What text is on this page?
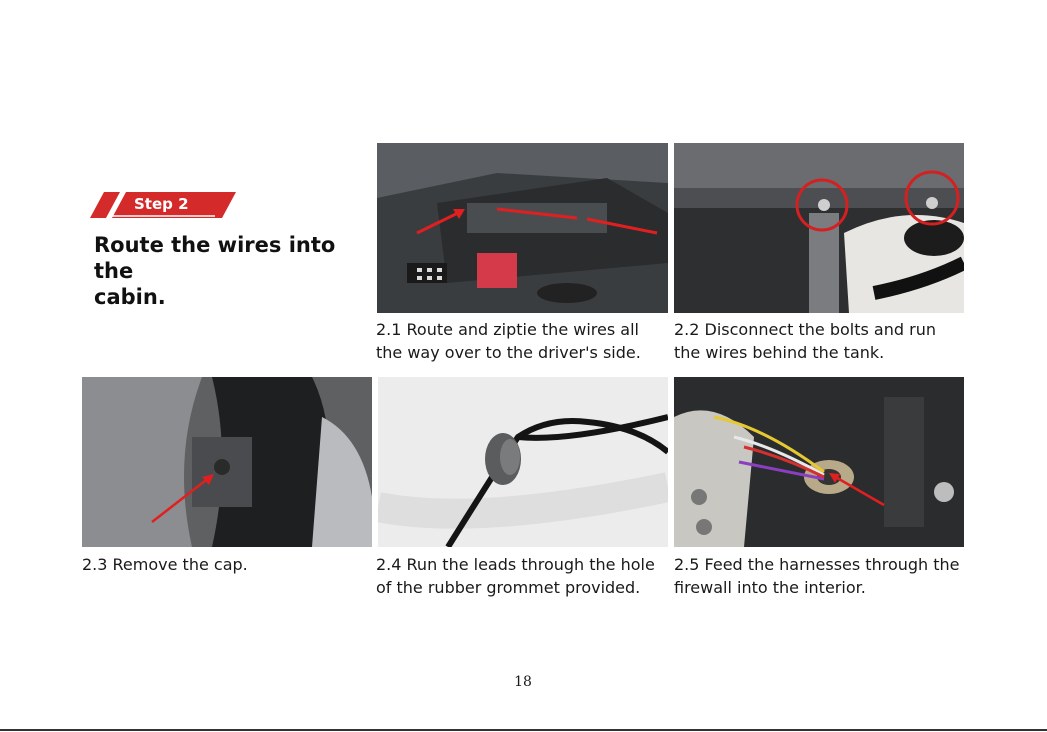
Step 2
Route the wires into the
cabin.
2.1 Route and ziptie the wires all
the way over to the driver's side.
2.2 Disconnect the bolts and run
the wires behind the tank.
2.3 Remove the cap.	2.4 Run the leads through the hole
of the rubber grommet provided.
2.5 Feed the harnesses through the
firewall into the interior.
18
